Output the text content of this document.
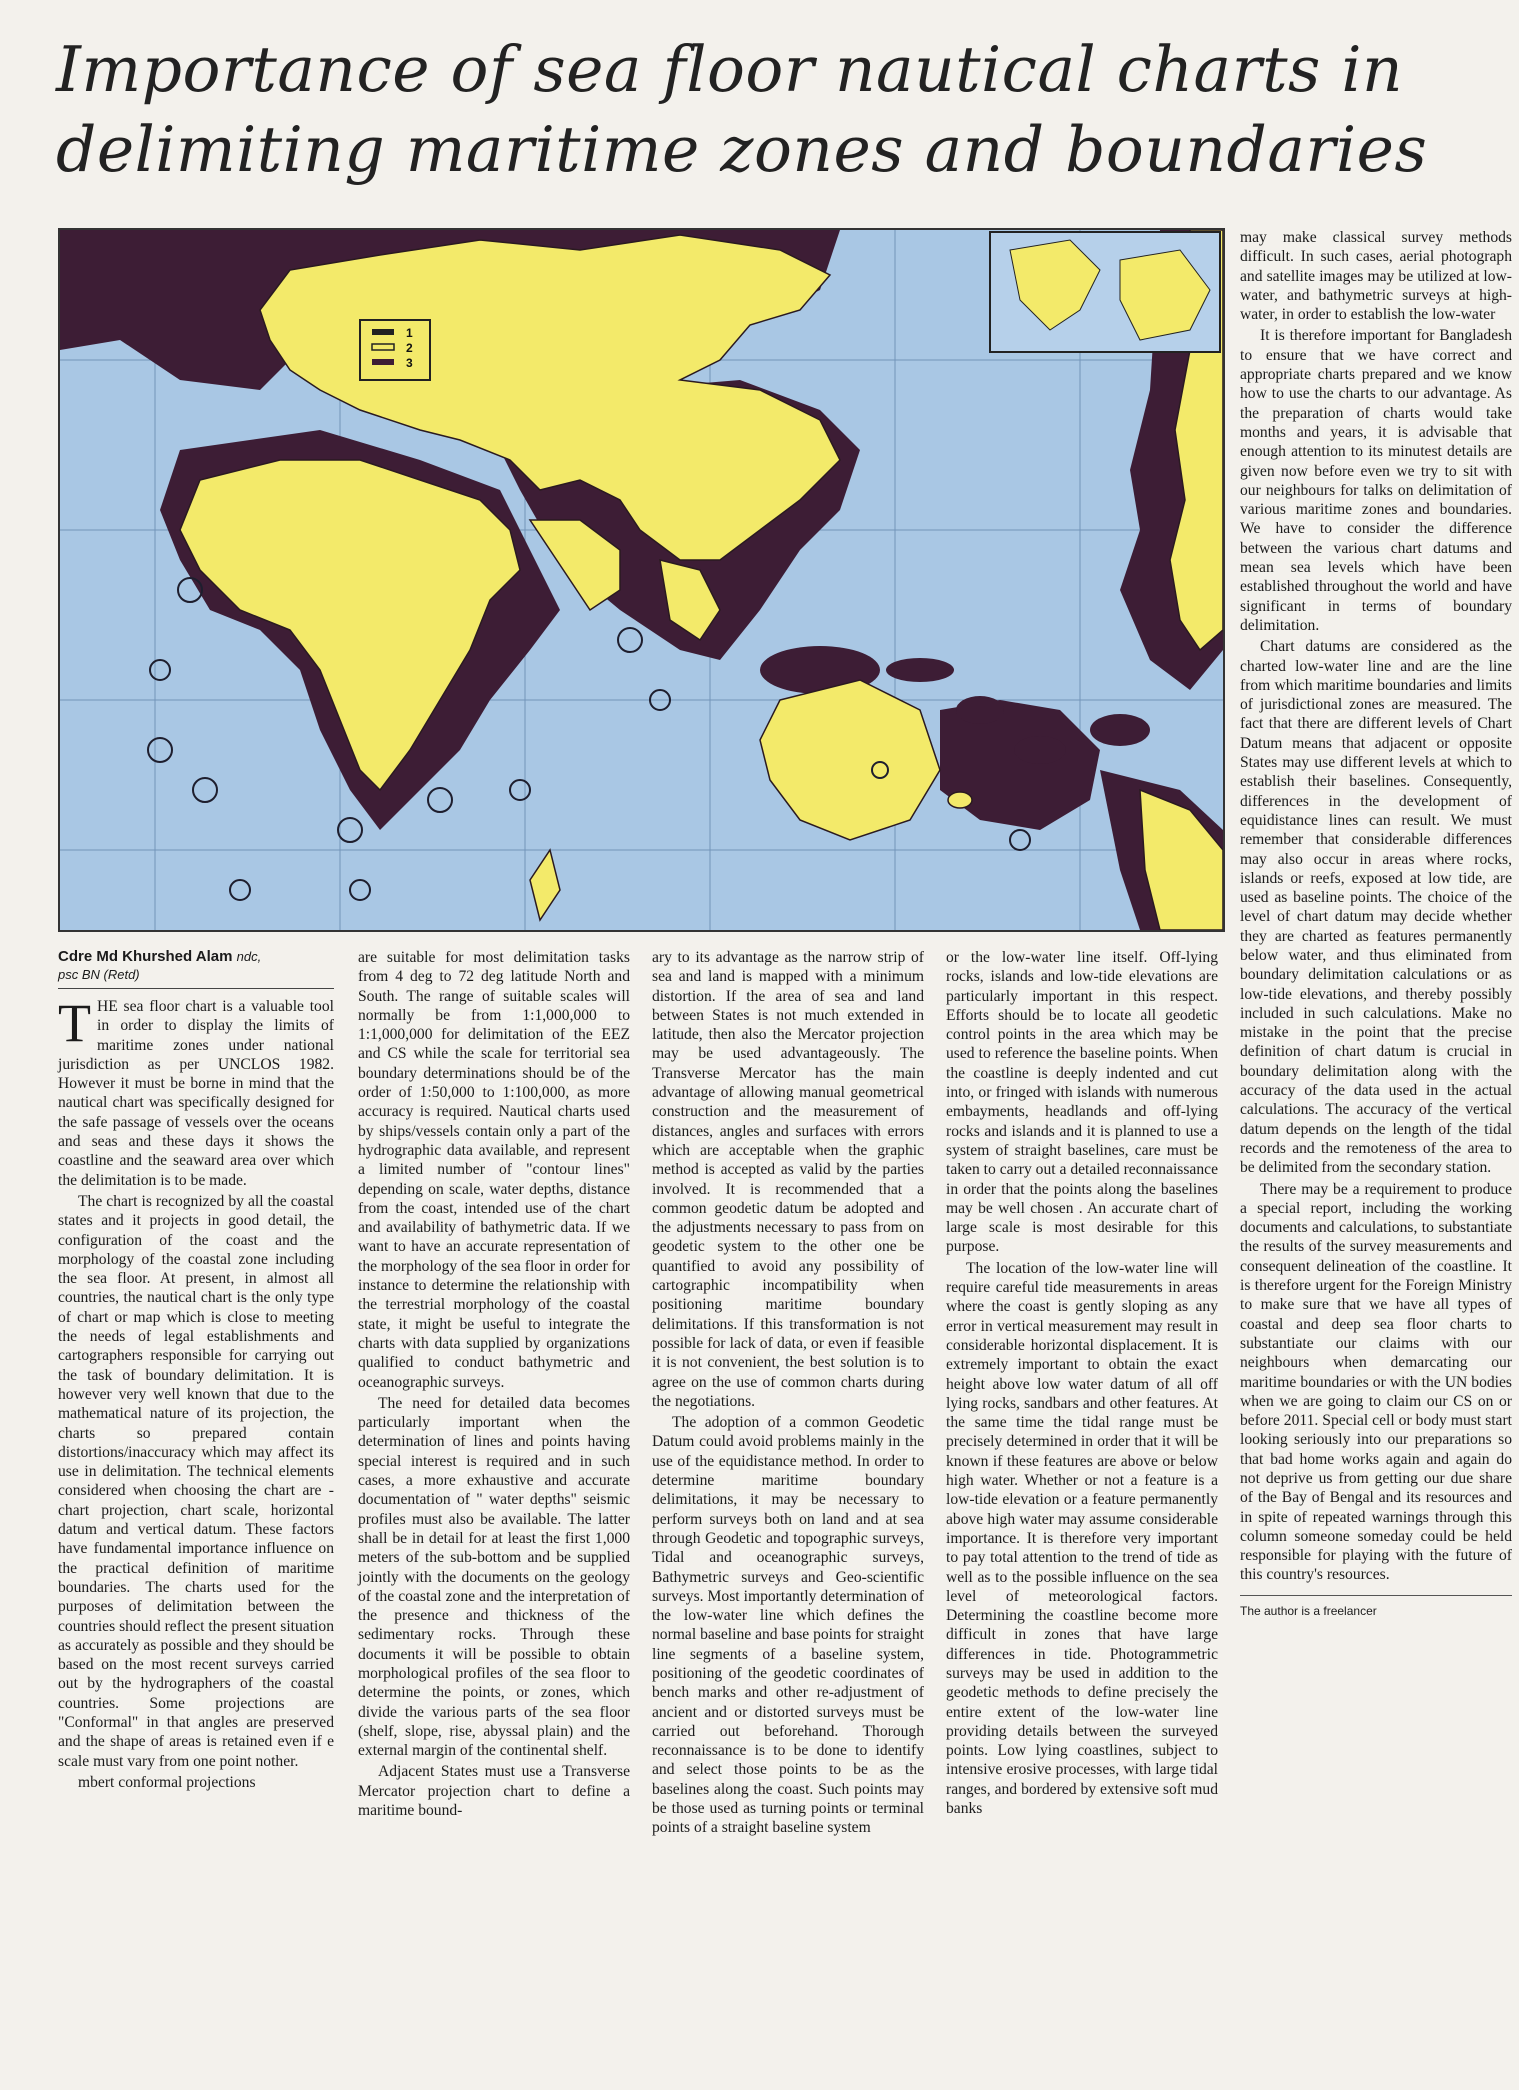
Importance of sea floor nautical charts in
delimiting maritime zones and boundaries
1
2
3
Cdre Md Khurshed Alam ndc,
psc BN (Retd)

THE sea floor chart is a valuable tool in order to display the limits of maritime zones under national jurisdiction as per UNCLOS 1982. However it must be borne in mind that the nautical chart was specifically designed for the safe passage of vessels over the oceans and seas and these days it shows the coastline and the seaward area over which the delimitation is to be made.

The chart is recognized by all the coastal states and it projects in good detail, the configuration of the coast and the morphology of the coastal zone including the sea floor. At present, in almost all countries, the nautical chart is the only type of chart or map which is close to meeting the needs of legal establishments and cartographers responsible for carrying out the task of boundary delimitation. It is however very well known that due to the mathematical nature of its projection, the charts so prepared contain distortions/inaccuracy which may affect its use in delimitation. The technical elements considered when choosing the chart are -chart projection, chart scale, horizontal datum and vertical datum. These factors have fundamental importance influence on the practical definition of maritime boundaries. The charts used for the purposes of delimitation between the countries should reflect the present situation as accurately as possible and they should be based on the most recent surveys carried out by the hydrographers of the coastal countries. Some projections are "Conformal" in that angles are preserved and the shape of areas is retained even if e scale must vary from one point nother.

mbert conformal projections

are suitable for most delimitation tasks from 4 deg to 72 deg latitude North and South. The range of suitable scales will normally be from 1:1,000,000 to 1:1,000,000 for delimitation of the EEZ and CS while the scale for territorial sea boundary determinations should be of the order of 1:50,000 to 1:100,000, as more accuracy is required. Nautical charts used by ships/vessels contain only a part of the hydrographic data available, and represent a limited number of "contour lines" depending on scale, water depths, distance from the coast, intended use of the chart and availability of bathymetric data. If we want to have an accurate representation of the morphology of the sea floor in order for instance to determine the relationship with the terrestrial morphology of the coastal state, it might be useful to integrate the charts with data supplied by organizations qualified to conduct bathymetric and oceanographic surveys.

The need for detailed data becomes particularly important when the determination of lines and points having special interest is required and in such cases, a more exhaustive and accurate documentation of " water depths" seismic profiles must also be available. The latter shall be in detail for at least the first 1,000 meters of the sub-bottom and be supplied jointly with the documents on the geology of the coastal zone and the interpretation of the presence and thickness of the sedimentary rocks. Through these documents it will be possible to obtain morphological profiles of the sea floor to determine the points, or zones, which divide the various parts of the sea floor (shelf, slope, rise, abyssal plain) and the external margin of the continental shelf.

Adjacent States must use a Transverse Mercator projection chart to define a maritime bound-

ary to its advantage as the narrow strip of sea and land is mapped with a minimum distortion. If the area of sea and land between States is not much extended in latitude, then also the Mercator projection may be used advantageously. The Transverse Mercator has the main advantage of allowing manual geometrical construction and the measurement of distances, angles and surfaces with errors which are acceptable when the graphic method is accepted as valid by the parties involved. It is recommended that a common geodetic datum be adopted and the adjustments necessary to pass from on geodetic system to the other one be quantified to avoid any possibility of cartographic incompatibility when positioning maritime boundary delimitations. If this transformation is not possible for lack of data, or even if feasible it is not convenient, the best solution is to agree on the use of common charts during the negotiations.

The adoption of a common Geodetic Datum could avoid problems mainly in the use of the equidistance method. In order to determine maritime boundary delimitations, it may be necessary to perform surveys both on land and at sea through Geodetic and topographic surveys, Tidal and oceanographic surveys, Bathymetric surveys and Geo-scientific surveys. Most importantly determination of the low-water line which defines the normal baseline and base points for straight line segments of a baseline system, positioning of the geodetic coordinates of bench marks and other re-adjustment of ancient and or distorted surveys must be carried out beforehand. Thorough reconnaissance is to be done to identify and select those points to be as the baselines along the coast. Such points may be those used as turning points or terminal points of a straight baseline system

or the low-water line itself. Off-lying rocks, islands and low-tide elevations are particularly important in this respect. Efforts should be to locate all geodetic control points in the area which may be used to reference the baseline points. When the coastline is deeply indented and cut into, or fringed with islands with numerous embayments, headlands and off-lying rocks and islands and it is planned to use a system of straight baselines, care must be taken to carry out a detailed reconnaissance in order that the points along the baselines may be well chosen . An accurate chart of large scale is most desirable for this purpose.

The location of the low-water line will require careful tide measurements in areas where the coast is gently sloping as any error in vertical measurement may result in considerable horizontal displacement. It is extremely important to obtain the exact height above low water datum of all off lying rocks, sandbars and other features. At the same time the tidal range must be precisely determined in order that it will be known if these features are above or below high water. Whether or not a feature is a low-tide elevation or a feature permanently above high water may assume considerable importance. It is therefore very important to pay total attention to the trend of tide as well as to the possible influence on the sea level of meteorological factors. Determining the coastline become more difficult in zones that have large differences in tide. Photogrammetric surveys may be used in addition to the geodetic methods to define precisely the entire extent of the low-water line providing details between the surveyed points. Low lying coastlines, subject to intensive erosive processes, with large tidal ranges, and bordered by extensive soft mud banks

may make classical survey methods difficult. In such cases, aerial photograph and satellite images may be utilized at low-water, and bathymetric surveys at high-water, in order to establish the low-water

It is therefore important for Bangladesh to ensure that we have correct and appropriate charts prepared and we know how to use the charts to our advantage. As the preparation of charts would take months and years, it is advisable that enough attention to its minutest details are given now before even we try to sit with our neighbours for talks on delimitation of various maritime zones and boundaries. We have to consider the difference between the various chart datums and mean sea levels which have been established throughout the world and have significant in terms of boundary delimitation.

Chart datums are considered as the charted low-water line and are the line from which maritime boundaries and limits of jurisdictional zones are measured. The fact that there are different levels of Chart Datum means that adjacent or opposite States may use different levels at which to establish their baselines. Consequently, differences in the development of equidistance lines can result. We must remember that considerable differences may also occur in areas where rocks, islands or reefs, exposed at low tide, are used as baseline points. The choice of the level of chart datum may decide whether they are charted as features permanently below water, and thus eliminated from boundary delimitation calculations or as low-tide elevations, and thereby possibly included in such calculations. Make no mistake in the point that the precise definition of chart datum is crucial in boundary delimitation along with the accuracy of the data used in the actual calculations. The accuracy of the vertical datum depends on the length of the tidal records and the remoteness of the area to be delimited from the secondary station.

There may be a requirement to produce a special report, including the working documents and calculations, to substantiate the results of the survey measurements and consequent delineation of the coastline. It is therefore urgent for the Foreign Ministry to make sure that we have all types of coastal and deep sea floor charts to substantiate our claims with our neighbours when demarcating our maritime boundaries or with the UN bodies when we are going to claim our CS on or before 2011. Special cell or body must start looking seriously into our preparations so that bad home works again and again do not deprive us from getting our due share of the Bay of Bengal and its resources and in spite of repeated warnings through this column someone someday could be held responsible for playing with the future of this country's resources.

The author is a freelancer
